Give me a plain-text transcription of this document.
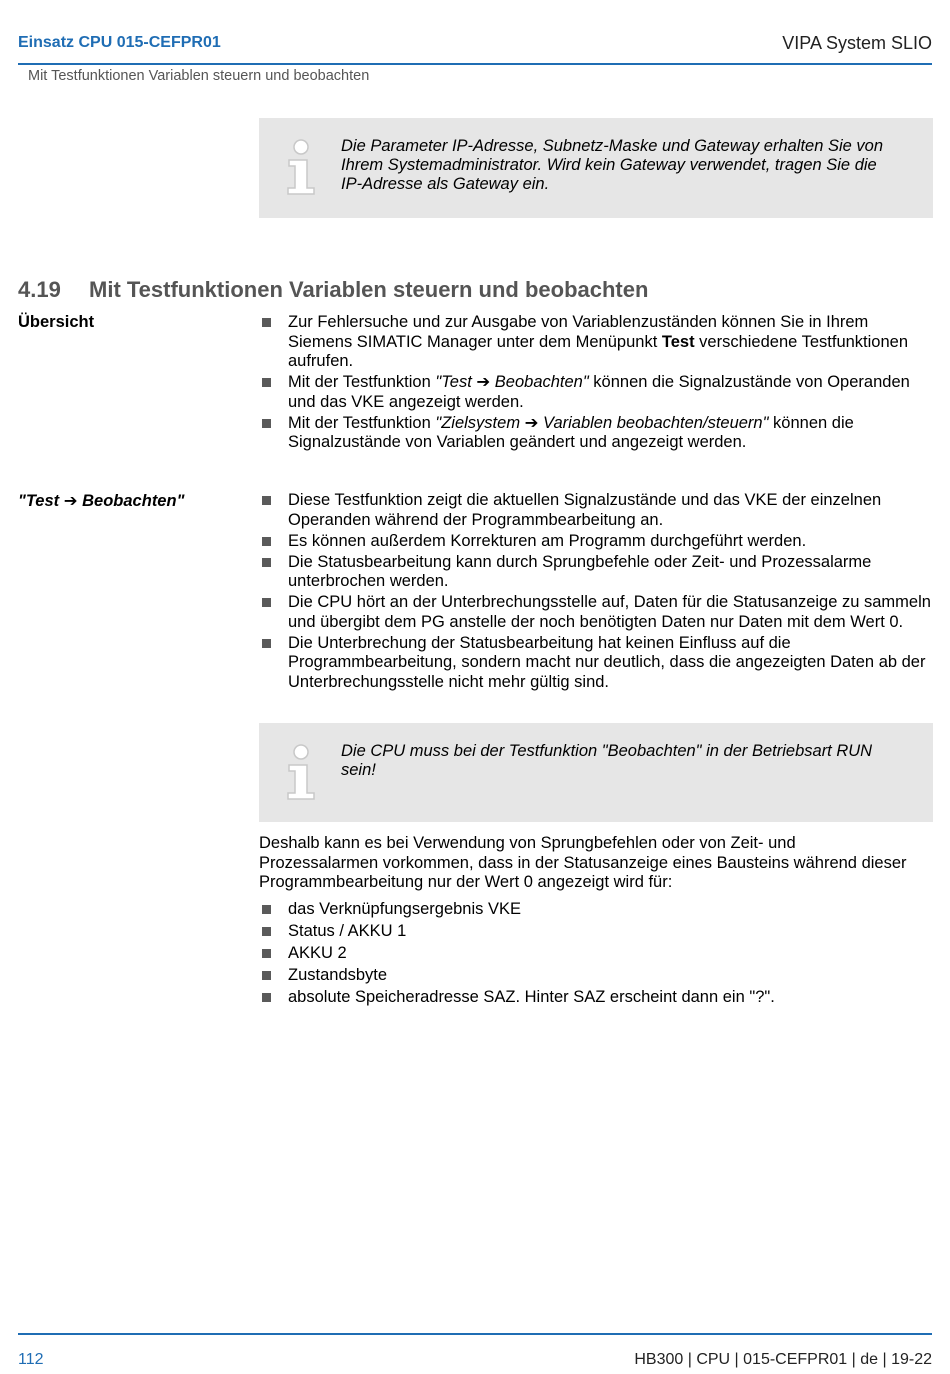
Einsatz CPU 015-CEFPR01	VIPA System SLIO
Mit Testfunktionen Variablen steuern und beobachten
Die Parameter IP-Adresse, Subnetz-Maske und Gateway erhalten Sie von Ihrem Systemadministrator. Wird kein Gateway verwendet, tragen Sie die IP-Adresse als Gateway ein.
4.19 Mit Testfunktionen Variablen steuern und beobachten
Übersicht	Zur Fehlersuche und zur Ausgabe von Variablenzuständen können Sie in Ihrem Siemens SIMATIC Manager unter dem Menüpunkt Test verschiedene Testfunktionen aufrufen.
Mit der Testfunktion "Test ➔ Beobachten" können die Signalzustände von Operanden und das VKE angezeigt werden.
Mit der Testfunktion "Zielsystem ➔ Variablen beobachten/steuern" können die Signalzustände von Variablen geändert und angezeigt werden.
"Test ➔ Beobachten"	Diese Testfunktion zeigt die aktuellen Signalzustände und das VKE der einzelnen Operanden während der Programmbearbeitung an.
Es können außerdem Korrekturen am Programm durchgeführt werden.
Die Statusbearbeitung kann durch Sprungbefehle oder Zeit- und Prozessalarme unterbrochen werden.
Die CPU hört an der Unterbrechungsstelle auf, Daten für die Statusanzeige zu sammeln und übergibt dem PG anstelle der noch benötigten Daten nur Daten mit dem Wert 0.
Die Unterbrechung der Statusbearbeitung hat keinen Einfluss auf die Programmbearbeitung, sondern macht nur deutlich, dass die angezeigten Daten ab der Unterbrechungsstelle nicht mehr gültig sind.
Die CPU muss bei der Testfunktion "Beobachten" in der Betriebsart RUN sein!
Deshalb kann es bei Verwendung von Sprungbefehlen oder von Zeit- und Prozessalarmen vorkommen, dass in der Statusanzeige eines Bausteins während dieser Programmbearbeitung nur der Wert 0 angezeigt wird für:
das Verknüpfungsergebnis VKE
Status / AKKU 1
AKKU 2
Zustandsbyte
absolute Speicheradresse SAZ. Hinter SAZ erscheint dann ein "?".
112	HB300 | CPU | 015-CEFPR01 | de | 19-22
